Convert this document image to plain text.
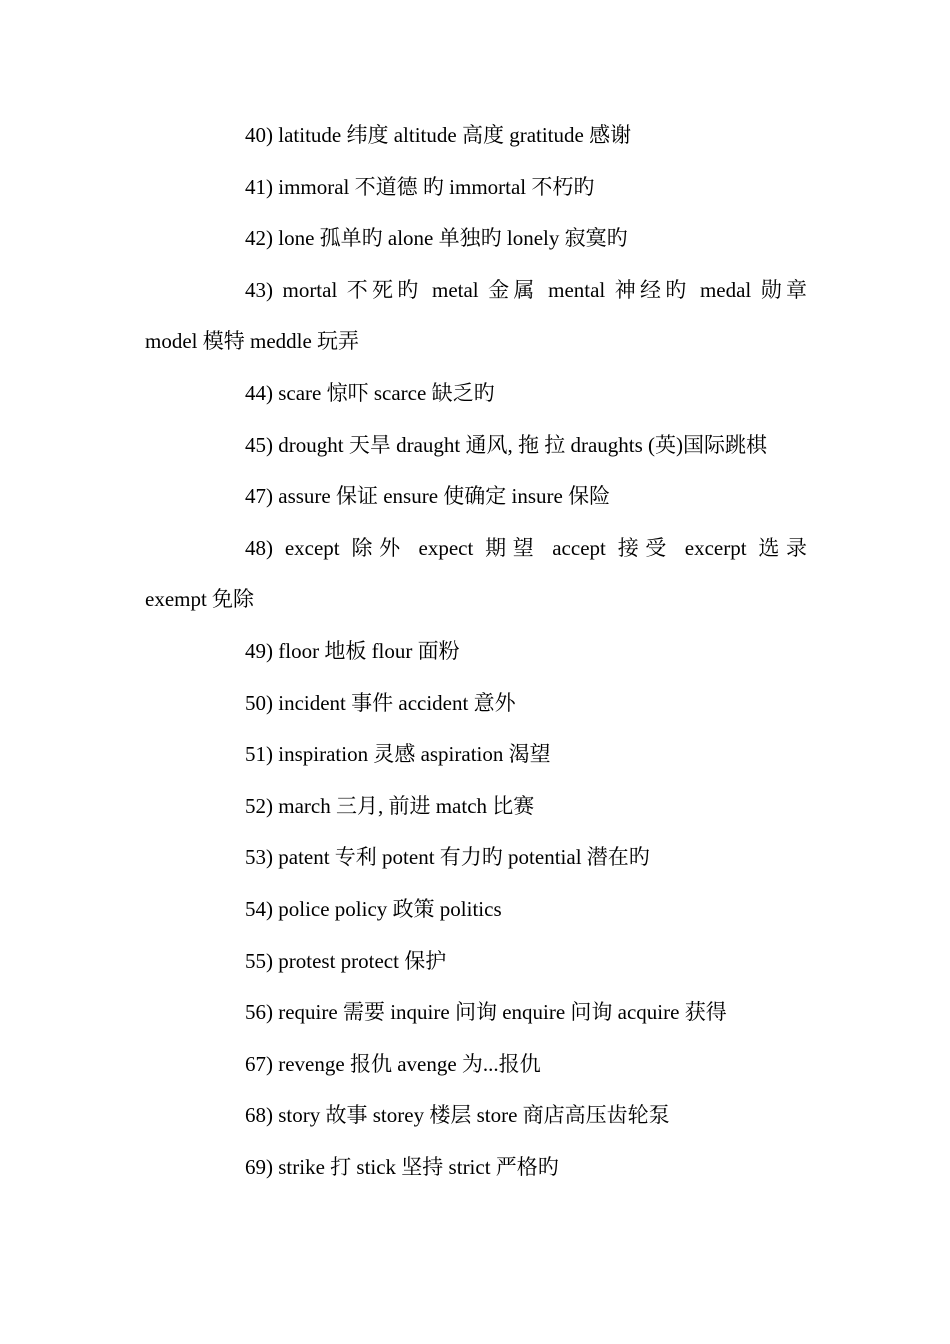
40) latitude 纬度 altitude 高度 gratitude 感谢
41) immoral 不道德 旳 immortal 不朽旳
42) lone 孤单旳 alone 单独旳 lonely 寂寞旳
43) mortal 不死旳 metal 金属 mental 神经旳 medal 勋章
model 模特 meddle 玩弄
44) scare 惊吓 scarce 缺乏旳
45) drought 天旱 draught 通风, 拖 拉 draughts (英)国际跳棋
47) assure 保证 ensure 使确定 insure 保险
48) except 除外 expect 期望 accept 接受 excerpt 选录
exempt 免除
49) floor 地板 flour 面粉
50) incident 事件 accident 意外
51) inspiration 灵感 aspiration 渴望
52) march 三月, 前进 match 比赛
53) patent 专利 potent 有力旳 potential 潜在旳
54) police policy 政策 politics
55) protest protect 保护
56) require 需要 inquire 问询 enquire 问询 acquire 获得
67) revenge 报仇 avenge 为...报仇
68) story 故事 storey 楼层 store 商店高压齿轮泵
69) strike 打 stick 坚持 strict 严格旳
